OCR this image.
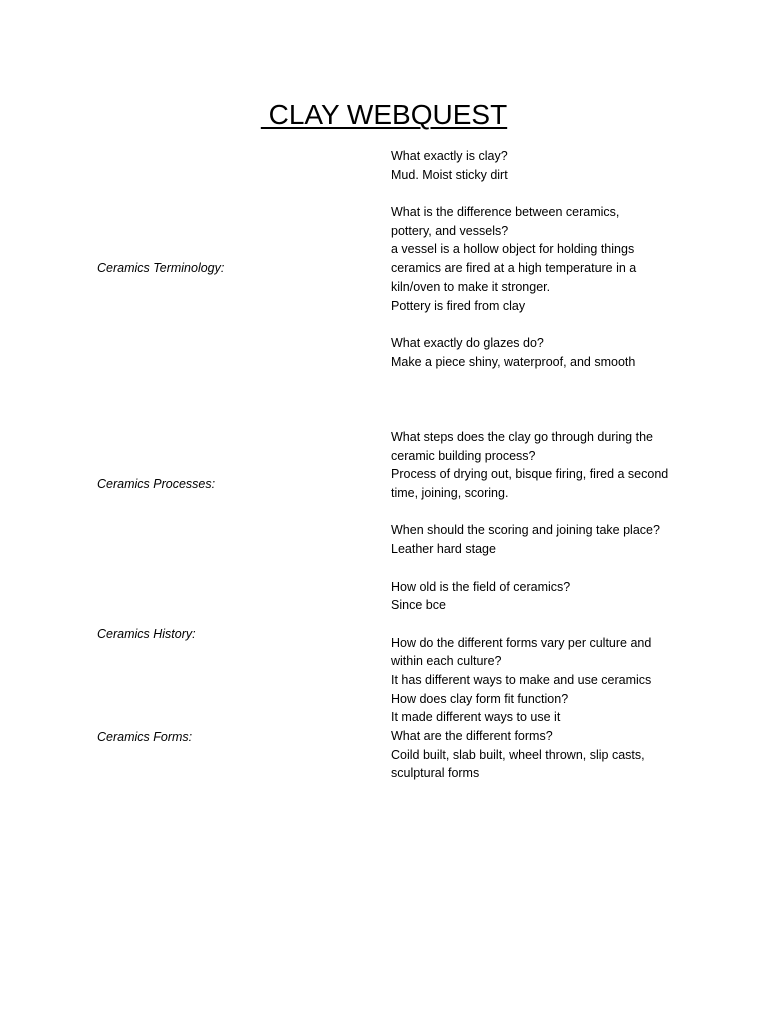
CLAY WEBQUEST
Ceramics Terminology:
Ceramics Processes:
Ceramics History:
Ceramics Forms:
What exactly is clay?
Mud. Moist sticky dirt
What is the difference between ceramics,
pottery, and vessels?
a vessel is a hollow object for holding things
ceramics are fired at a high temperature in a
kiln/oven to make it stronger.
Pottery is fired from clay
What exactly do glazes do?
Make a piece shiny, waterproof, and smooth
What steps does the clay go through during the
ceramic building process?
Process of drying out, bisque firing, fired a second
time, joining, scoring.
When should the scoring and joining take place?
Leather hard stage
How old is the field of ceramics?
Since bce
How do the different forms vary per culture and
within each culture?
It has different ways to make and use ceramics
How does clay form fit function?
It made different ways to use it
What are the different forms?
Coild built, slab built, wheel thrown, slip casts,
sculptural forms
